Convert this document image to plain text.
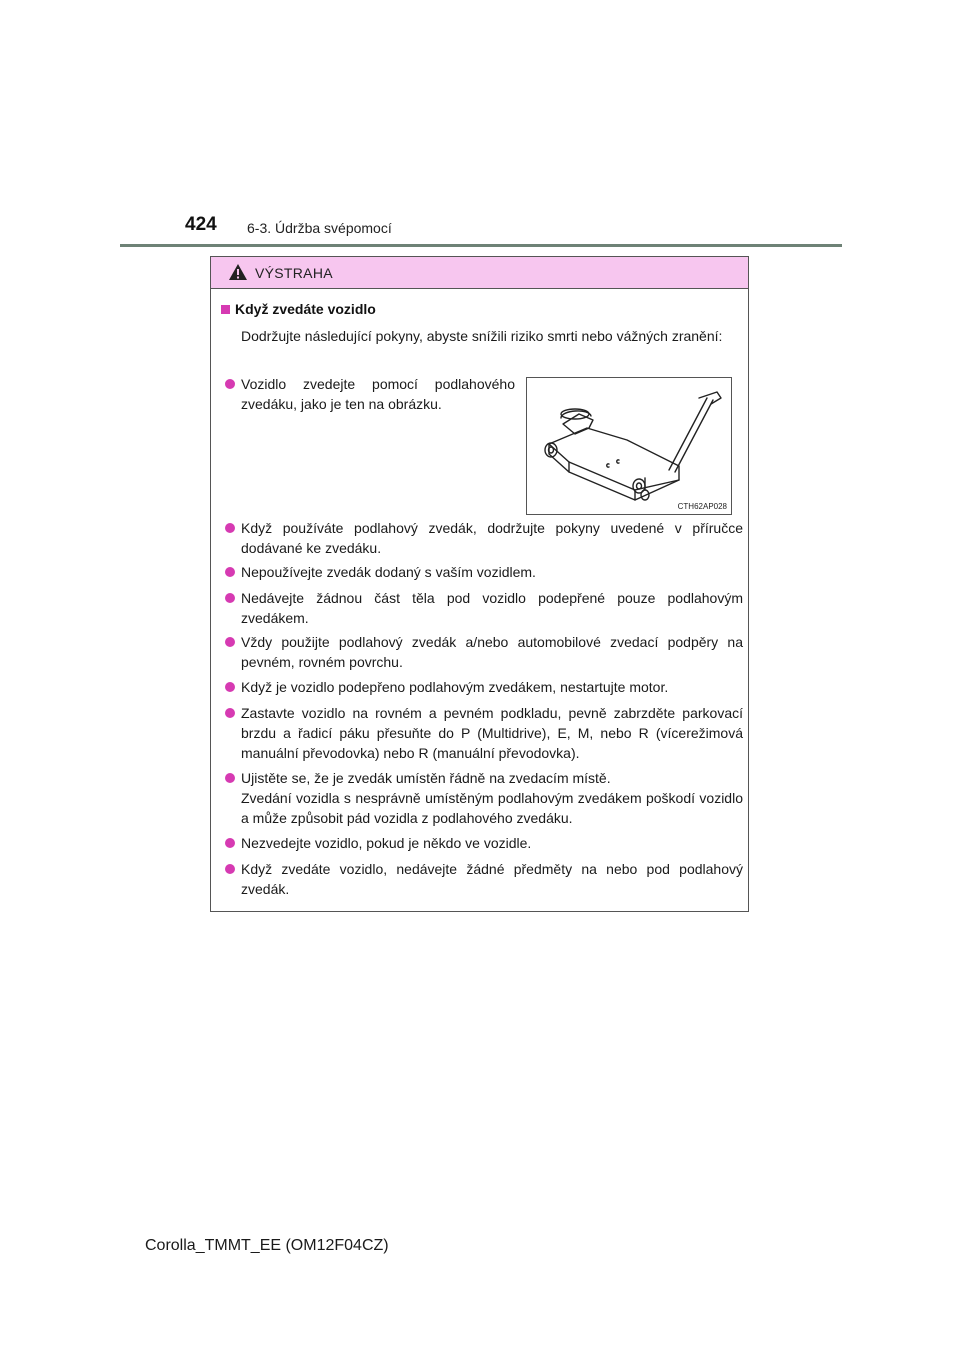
424 6-3. Údržba svépomocí
VÝSTRAHA
Když zvedáte vozidlo
Dodržujte následující pokyny, abyste snížili riziko smrti nebo vážných zranění:
Vozidlo zvedejte pomocí podlahového zvedáku, jako je ten na obrázku.
CTH62AP028
Když používáte podlahový zvedák, dodržujte pokyny uvedené v příručce dodávané ke zvedáku.
Nepoužívejte zvedák dodaný s vaším vozidlem.
Nedávejte žádnou část těla pod vozidlo podepřené pouze podlahovým zvedákem.
Vždy použijte podlahový zvedák a/nebo automobilové zvedací podpěry na pevném, rovném povrchu.
Když je vozidlo podepřeno podlahovým zvedákem, nestartujte motor.
Zastavte vozidlo na rovném a pevném podkladu, pevně zabrzděte parkovací brzdu a řadicí páku přesuňte do P (Multidrive), E, M, nebo R (vícerežimová manuální převodovka) nebo R (manuální převodovka).
Ujistěte se, že je zvedák umístěn řádně na zvedacím místě.
Zvedání vozidla s nesprávně umístěným podlahovým zvedákem poškodí vozidlo a může způsobit pád vozidla z podlahového zvedáku.
Nezvedejte vozidlo, pokud je někdo ve vozidle.
Když zvedáte vozidlo, nedávejte žádné předměty na nebo pod podlahový zvedák.
Corolla_TMMT_EE (OM12F04CZ)
